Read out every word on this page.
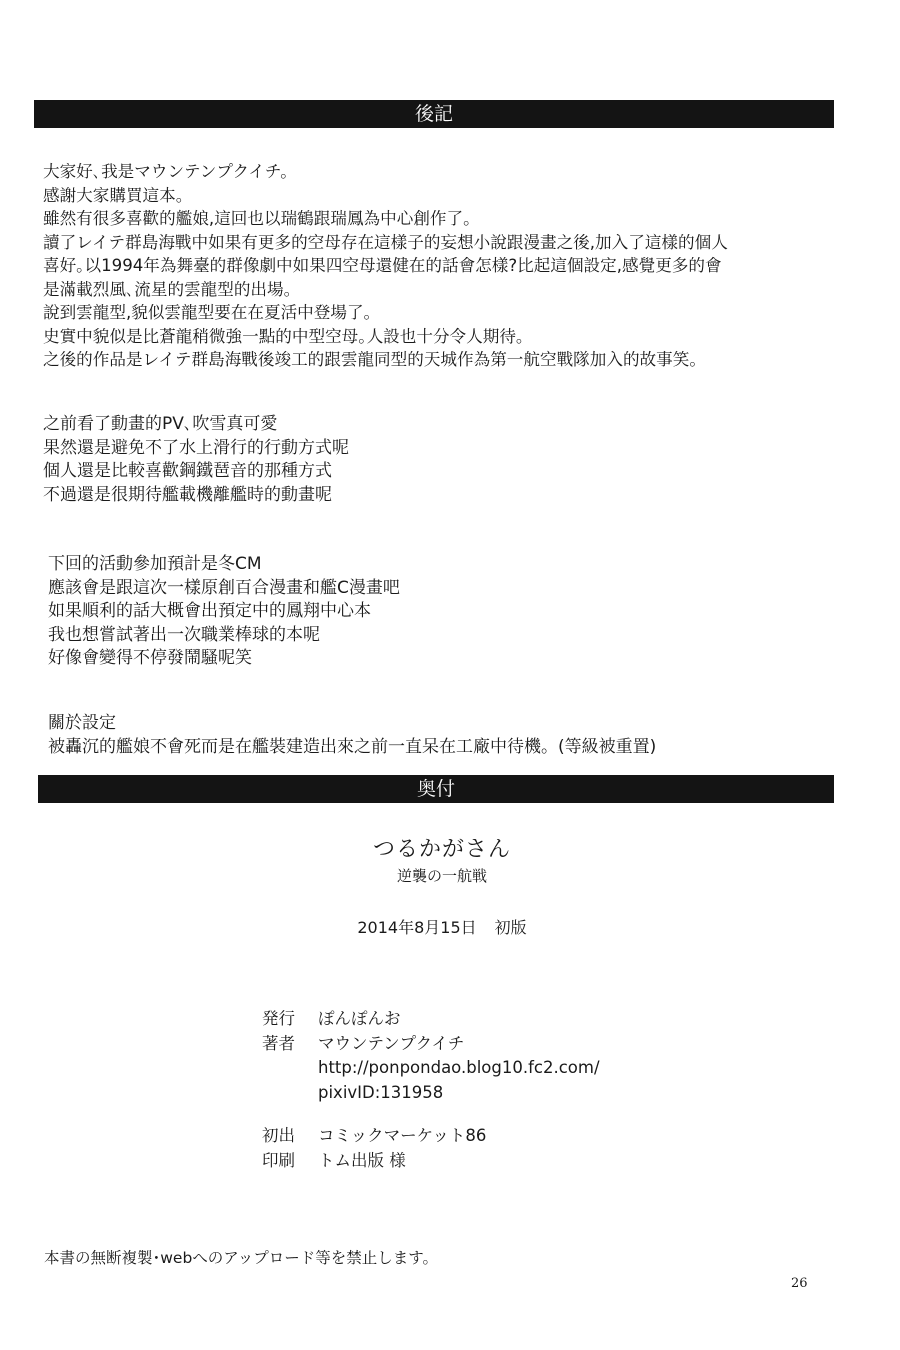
後記
大家好､我是マウンテンプクイチ。
感謝大家購買這本。
雖然有很多喜歡的艦娘,這回也以瑞鶴跟瑞鳳為中心創作了。
讀了レイテ群島海戰中如果有更多的空母存在這樣子的妄想小說跟漫畫之後,加入了這樣的個人
喜好｡以1994年為舞臺的群像劇中如果四空母還健在的話會怎樣?比起這個設定,感覺更多的會
是滿載烈風､流星的雲龍型的出場。
說到雲龍型,貌似雲龍型要在在夏活中登場了。
史實中貌似是比蒼龍稍微強一點的中型空母｡人設也十分令人期待。
之後的作品是レイテ群島海戰後竣工的跟雲龍同型的天城作為第一航空戰隊加入的故事笑。
之前看了動畫的PV､吹雪真可愛
果然還是避免不了水上滑行的行動方式呢
個人還是比較喜歡鋼鐵琶音的那種方式
不過還是很期待艦載機離艦時的動畫呢
下回的活動參加預計是冬CM
應該會是跟這次一樣原創百合漫畫和艦C漫畫吧
如果順利的話大概會出預定中的鳳翔中心本
我也想嘗試著出一次職業棒球的本呢
好像會變得不停發鬧騷呢笑
關於設定
被轟沉的艦娘不會死而是在艦裝建造出來之前一直呆在工廠中待機。(等級被重置)
奥付
つるかがさん
逆襲の一航戦
2014年8月15日 初版
発行	ぽんぽんお
著者	マウンテンプクイチ
http://ponpondao.blog10.fc2.com/
pixivID:131958
初出	コミックマーケット86
印刷	トム出版 様
本書の無断複製･webへのアップロード等を禁止します。
26
